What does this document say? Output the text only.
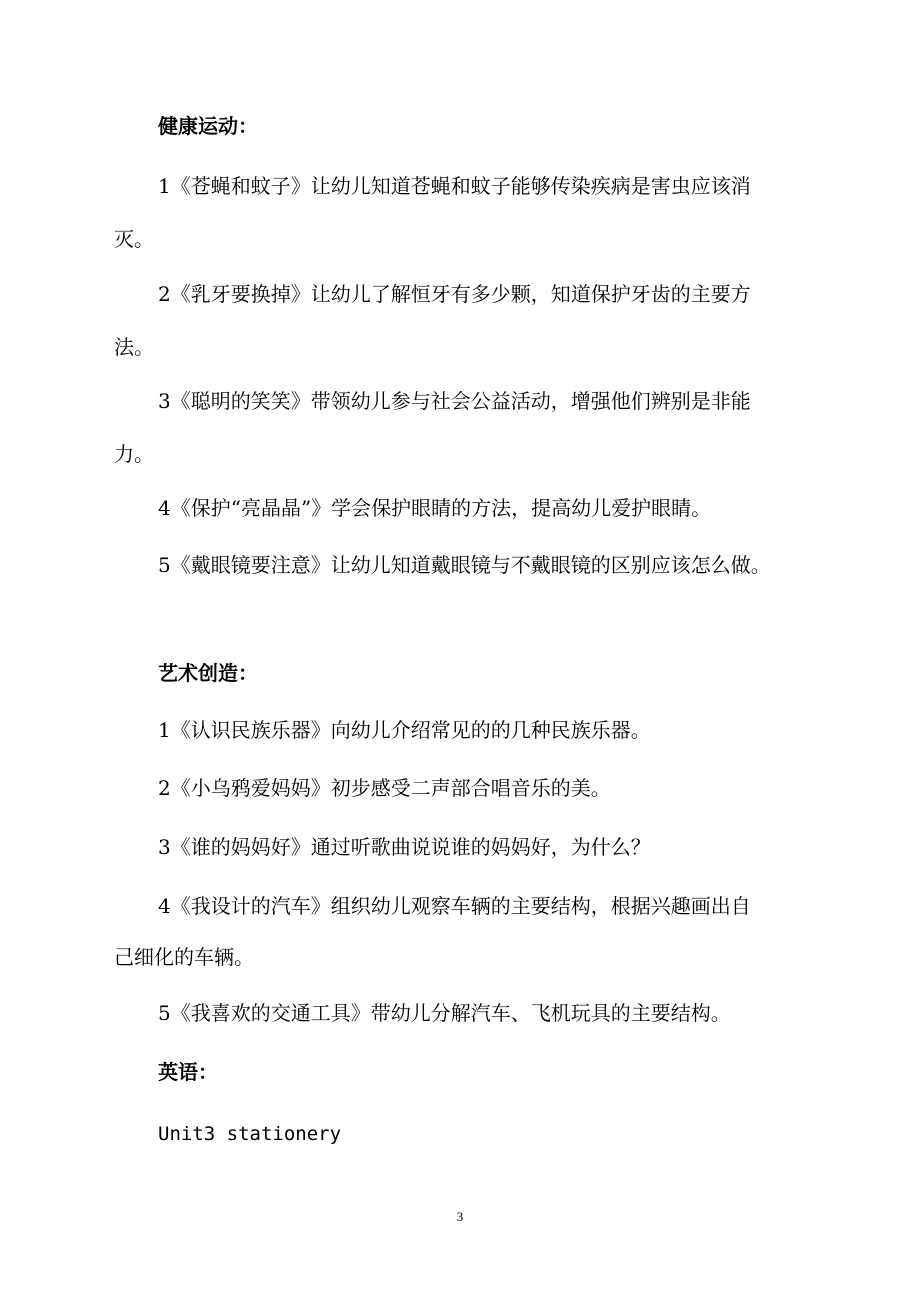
健康运动：
1《苍蝇和蚊子》让幼儿知道苍蝇和蚊子能够传染疾病是害虫应该消
灭。
2《乳牙要换掉》让幼儿了解恒牙有多少颗，知道保护牙齿的主要方
法。
3《聪明的笑笑》带领幼儿参与社会公益活动，增强他们辨别是非能
力。
4《保护“亮晶晶”》学会保护眼睛的方法，提高幼儿爱护眼睛。
5《戴眼镜要注意》让幼儿知道戴眼镜与不戴眼镜的区别应该怎么做。
艺术创造：
1《认识民族乐器》向幼儿介绍常见的的几种民族乐器。
2《小乌鸦爱妈妈》初步感受二声部合唱音乐的美。
3《谁的妈妈好》通过听歌曲说说谁的妈妈好，为什么？
4《我设计的汽车》组织幼儿观察车辆的主要结构，根据兴趣画出自
己细化的车辆。
5《我喜欢的交通工具》带幼儿分解汽车、飞机玩具的主要结构。
英语：
Unit3 stationery
3
